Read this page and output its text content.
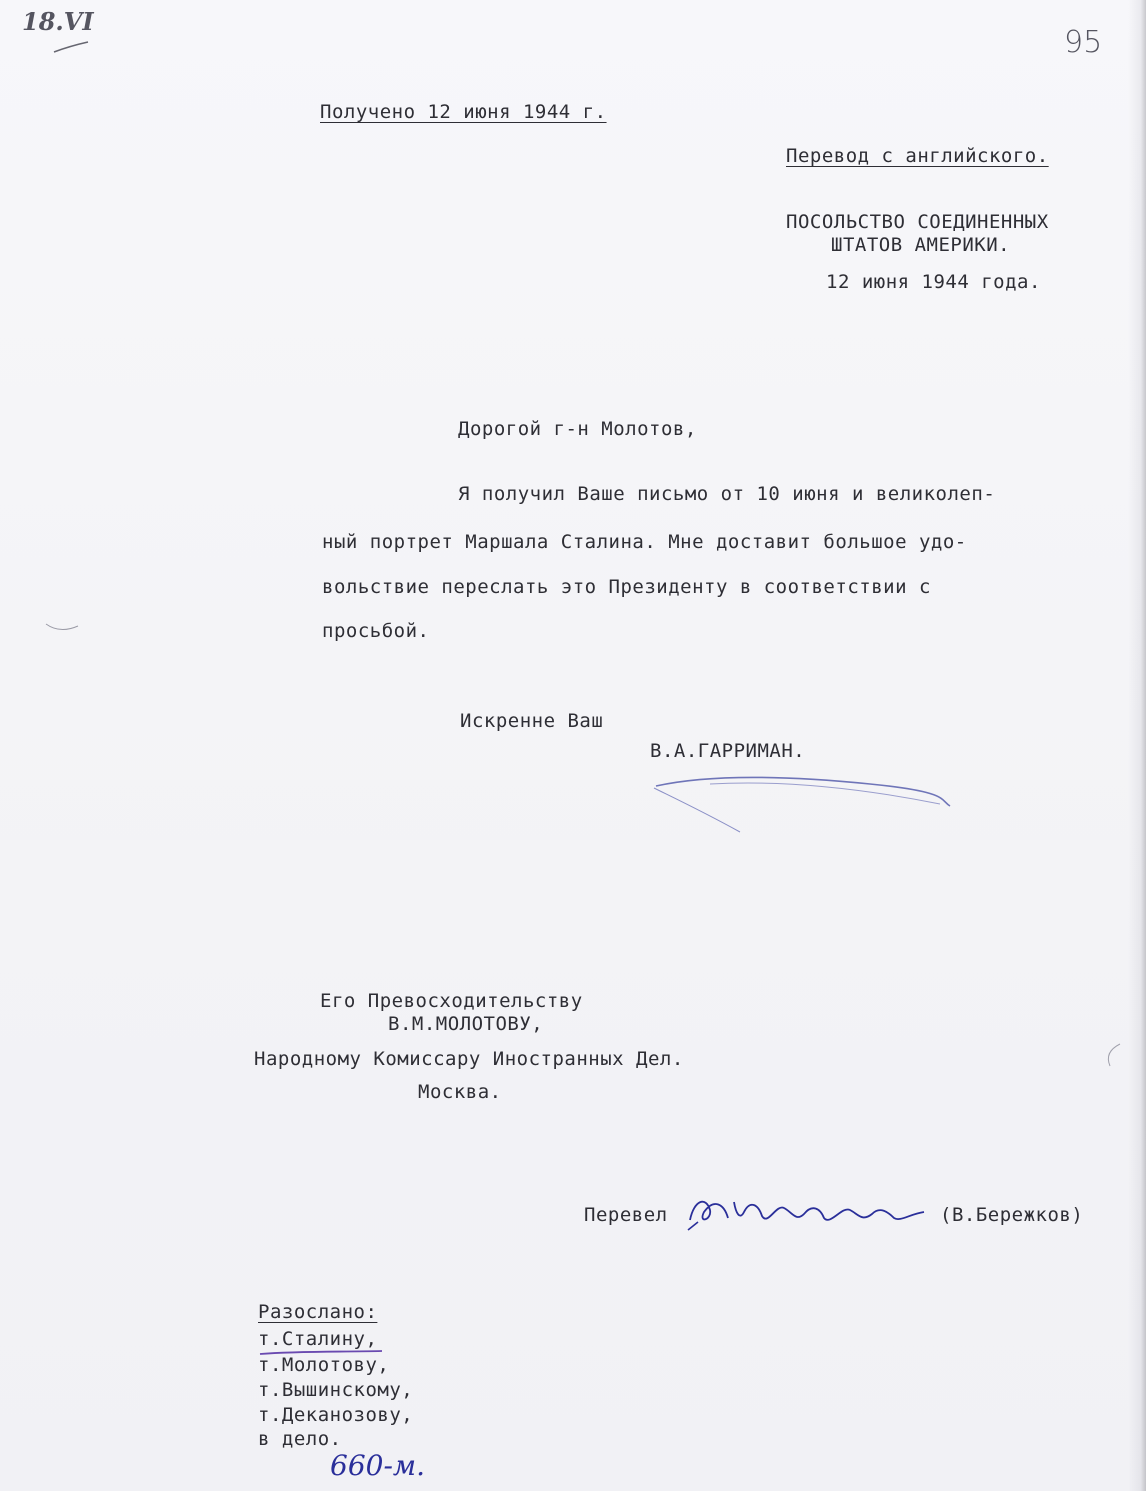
18.VI
95
Получено 12 июня 1944 г.
Перевод с английского.
ПОСОЛЬСТВО СОЕДИНЕННЫХ
ШТАТОВ АМЕРИКИ.
12 июня 1944 года.
Дорогой г-н Молотов,
Я получил Ваше письмо от 10 июня и великолеп-
ный портрет Маршала Сталина. Мне доставит большое удо-
вольствие переслать это Президенту в соответствии с
просьбой.
Искренне Ваш
В.А.ГАРРИМАН.
Его Превосходительству
В.М.МОЛОТОВУ,
Народному Комиссару Иностранных Дел.
Москва.
Перевел	(В.Бережков)
Разослано:
т.Сталину,
т.Молотову,
т.Вышинскому,
т.Деканозову,
в дело.
660-м.
